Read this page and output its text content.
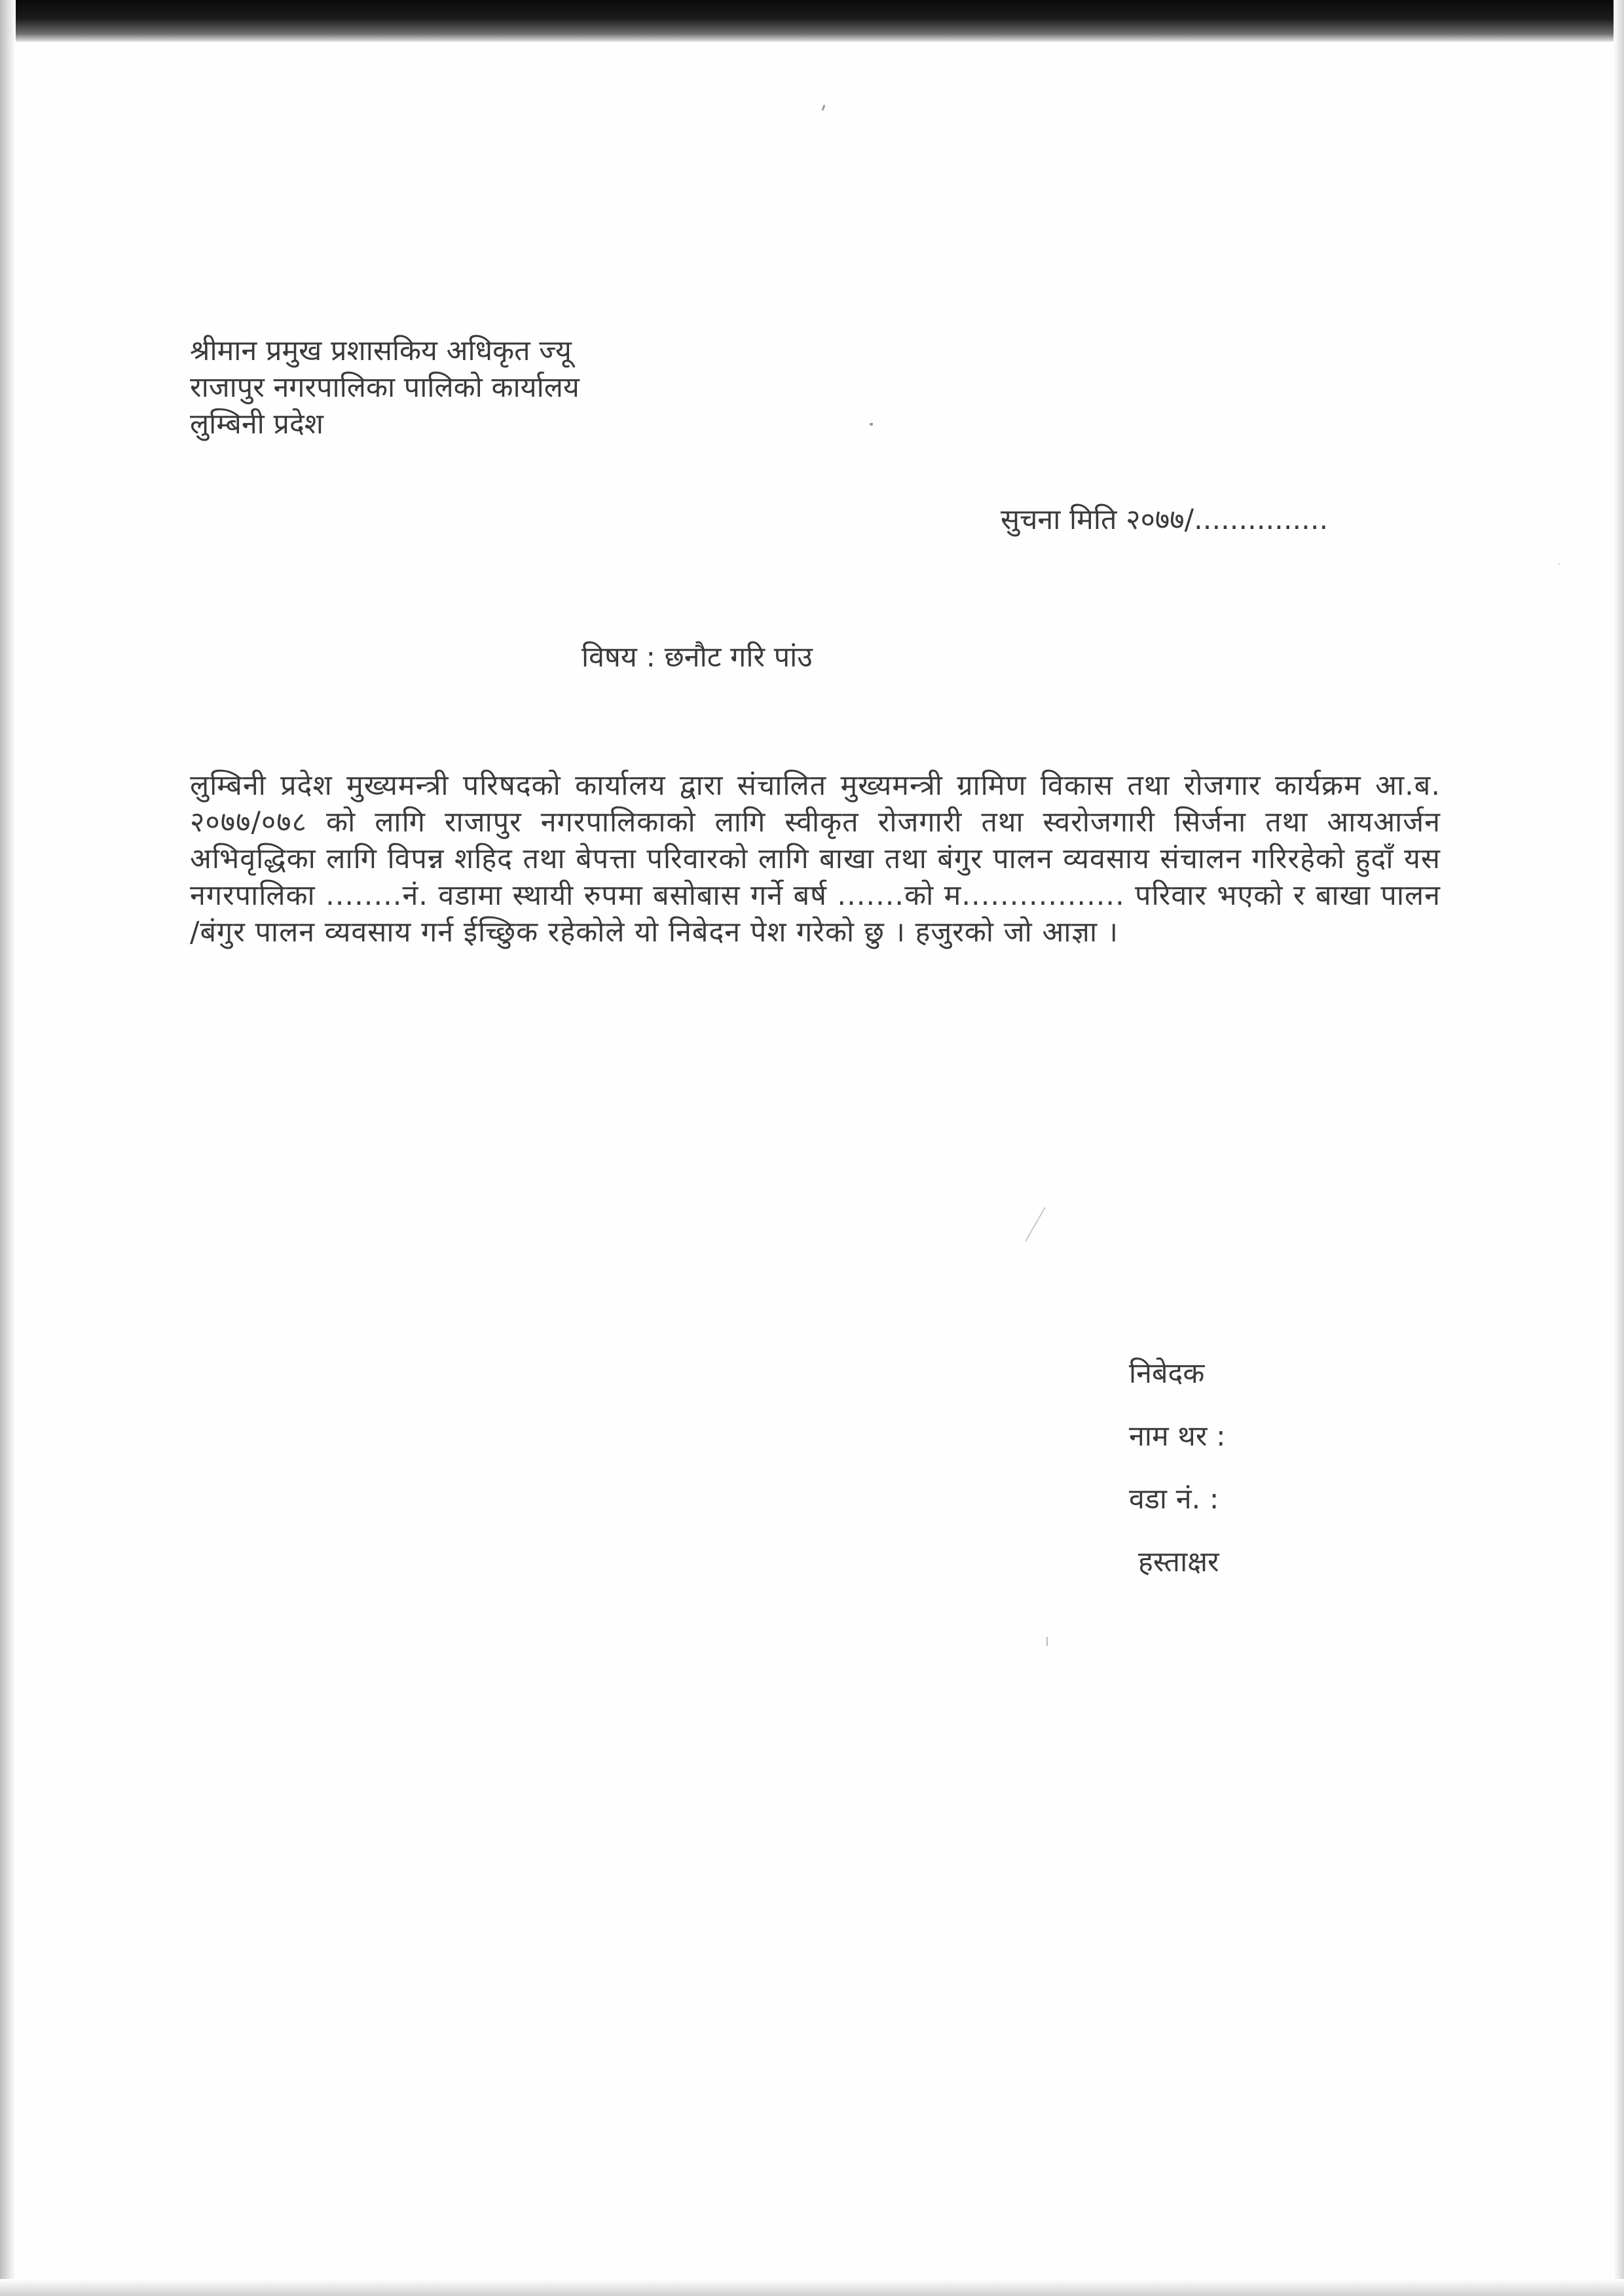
श्रीमान प्रमुख प्रशासकिय अधिकृत ज्यू
राजापुर नगरपालिका पालिको कार्यालय
लुम्बिनी प्रदेश
सुचना मिति २०७७/...............
विषय : छनौट गरि पांउ
लुम्बिनी प्रदेश मुख्यमन्त्री परिषदको कार्यालय द्वारा संचालित मुख्यमन्त्री ग्रामिण विकास तथा रोजगार कार्यक्रम आ.ब. २०७७/०७८ को लागि राजापुर नगरपालिकाको लागि स्वीकृत रोजगारी तथा स्वरोजगारी सिर्जना तथा आयआर्जन अभिवृद्धिका लागि विपन्न शहिद तथा बेपत्ता परिवारको लागि बाखा तथा बंगुर पालन व्यवसाय संचालन गरिरहेको हुदाँ यस नगरपालिका ........नं. वडामा स्थायी रुपमा बसोबास गर्ने बर्ष .......को म................. परिवार भएको र बाखा पालन /बंगुर पालन व्यवसाय गर्न ईच्छिुक रहेकोले यो निबेदन पेश गरेको छु । हजुरको जो आज्ञा ।
निबेदक
नाम थर :
वडा नं. :
हस्ताक्षर
